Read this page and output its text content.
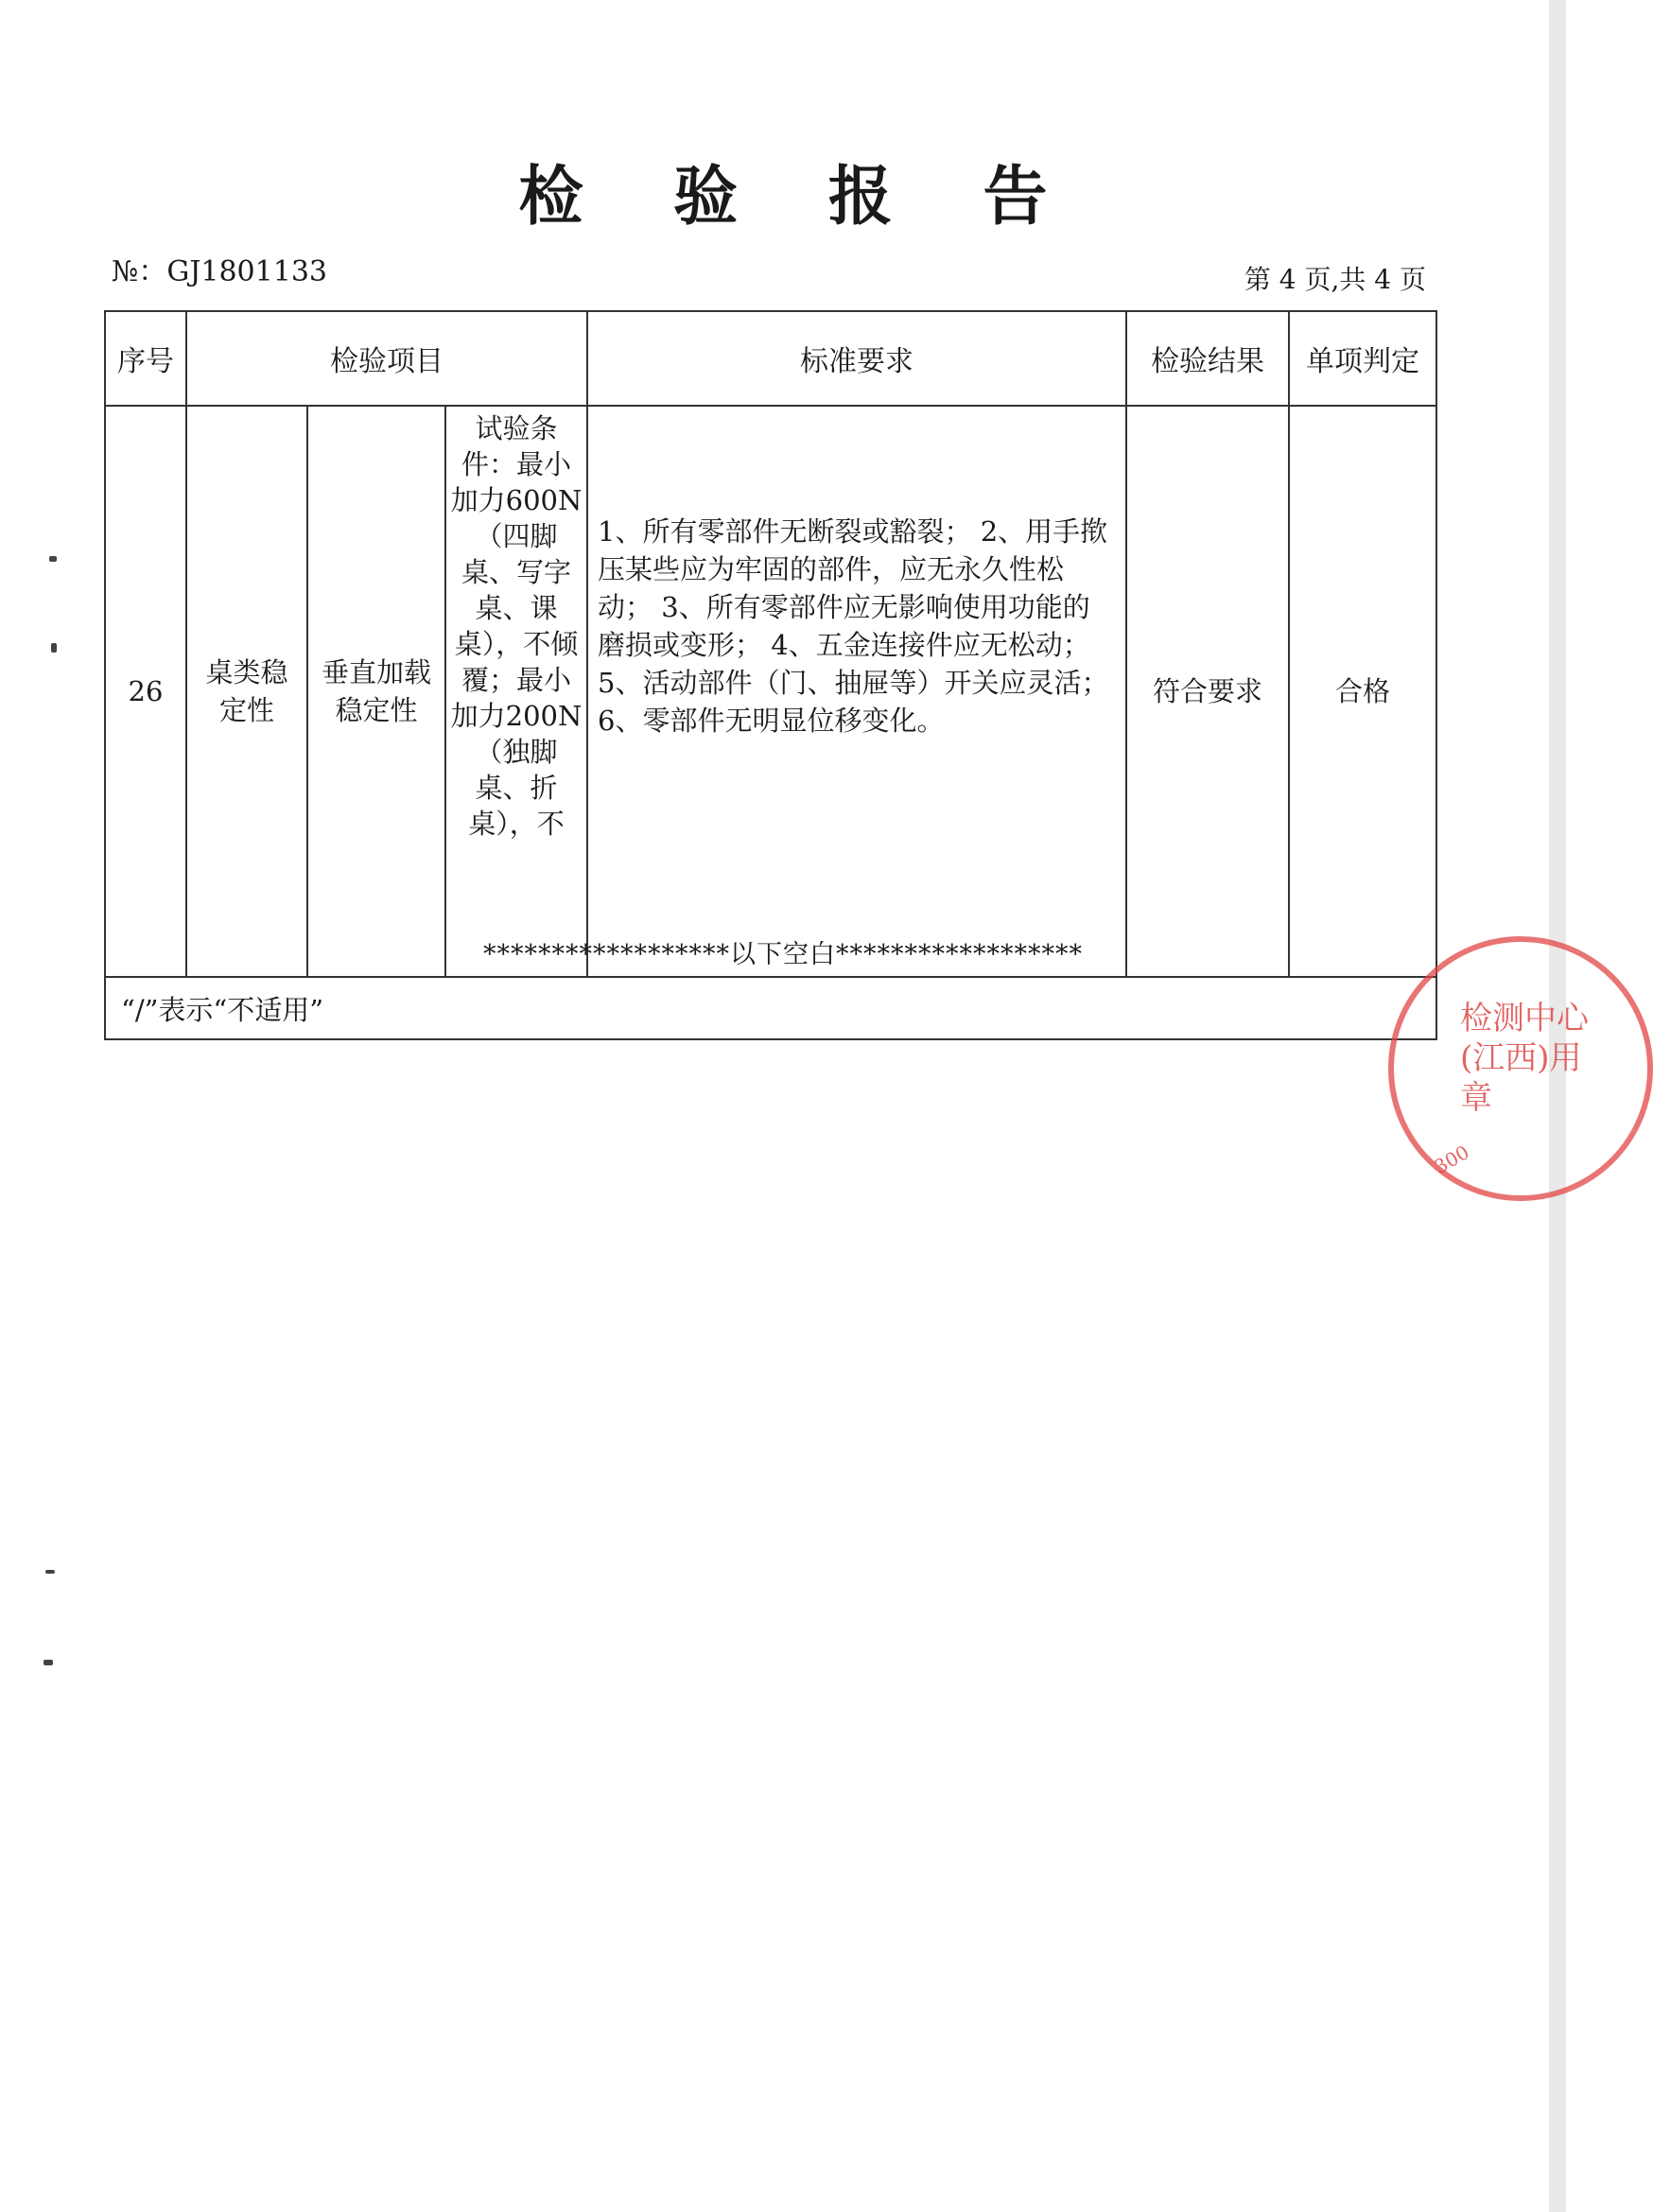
检 验 报 告
№：GJ1801133	第 4 页,共 4 页
序号	检验项目			标准要求	检验结果	单项判定
26	桌类稳定性	垂直加载稳定性	试验条件：最小加力600N（四脚桌、写字桌、课桌），不倾覆；最小加力200N（独脚桌、折桌），不	1、所有零部件无断裂或豁裂； 2、用手揿压某些应为牢固的部件，应无永久性松动； 3、所有零部件应无影响使用功能的磨损或变形； 4、五金连接件应无松动； 5、活动部件（门、抽屉等）开关应灵活； 6、零部件无明显位移变化。	符合要求	合格
“/”表示“不适用”						
******************以下空白******************
检测中心(江西)用章
300
